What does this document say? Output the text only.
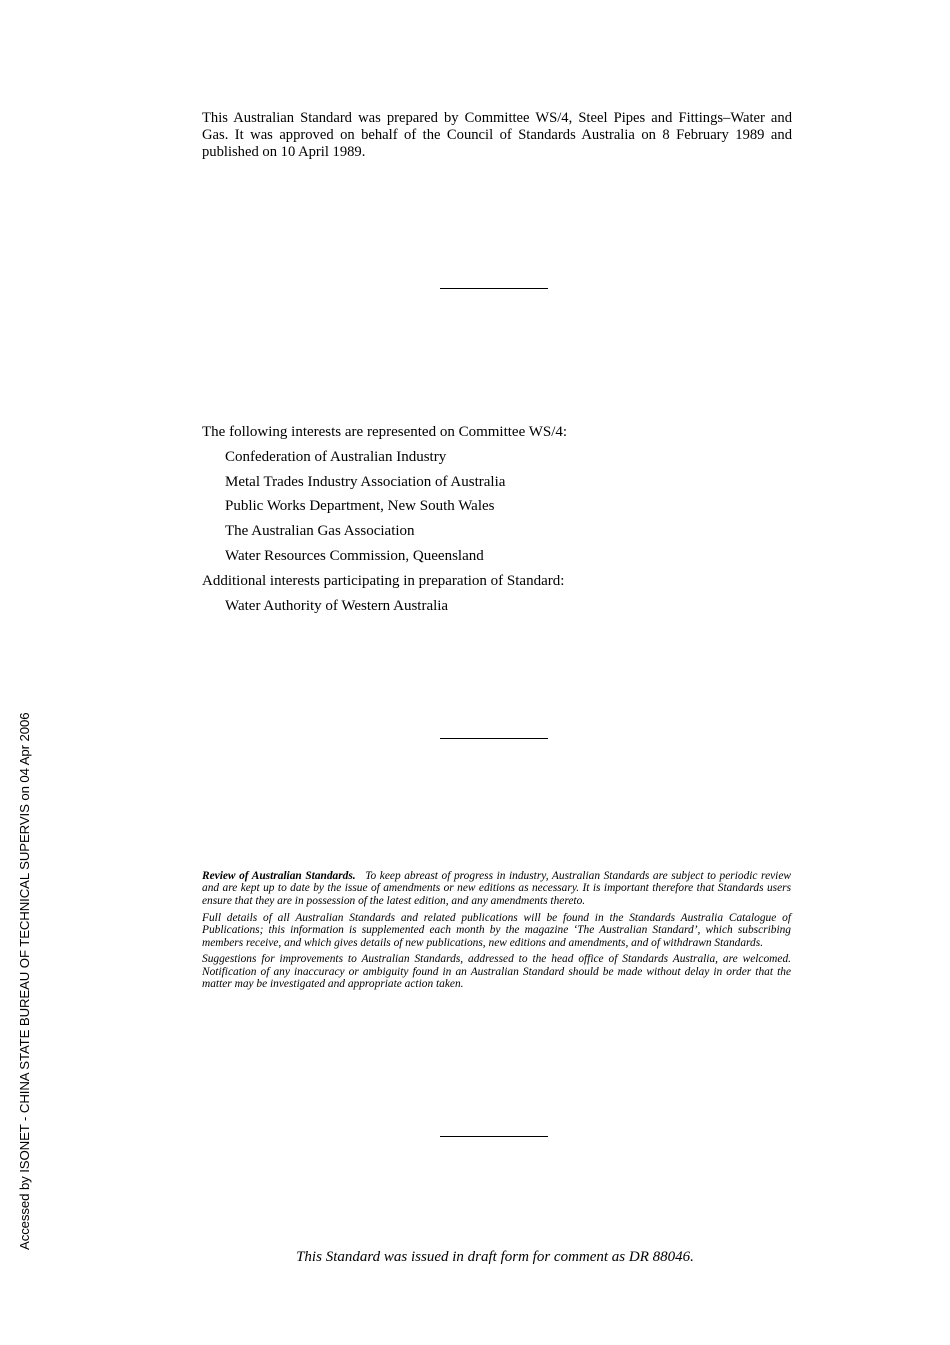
This Australian Standard was prepared by Committee WS/4, Steel Pipes and Fittings–Water and Gas. It was approved on behalf of the Council of Standards Australia on 8 February 1989 and published on 10 April 1989.

The following interests are represented on Committee WS/4:
Confederation of Australian Industry
Metal Trades Industry Association of Australia
Public Works Department, New South Wales
The Australian Gas Association
Water Resources Commission, Queensland
Additional interests participating in preparation of Standard:
Water Authority of Western Australia

Review of Australian Standards. To keep abreast of progress in industry, Australian Standards are subject to periodic review and are kept up to date by the issue of amendments or new editions as necessary. It is important therefore that Standards users ensure that they are in possession of the latest edition, and any amendments thereto.

Full details of all Australian Standards and related publications will be found in the Standards Australia Catalogue of Publications; this information is supplemented each month by the magazine ‘The Australian Standard’, which subscribing members receive, and which gives details of new publications, new editions and amendments, and of withdrawn Standards.

Suggestions for improvements to Australian Standards, addressed to the head office of Standards Australia, are welcomed. Notification of any inaccuracy or ambiguity found in an Australian Standard should be made without delay in order that the matter may be investigated and appropriate action taken.

This Standard was issued in draft form for comment as DR 88046.
Accessed by ISONET - CHINA STATE BUREAU OF TECHNICAL SUPERVIS on 04 Apr 2006
